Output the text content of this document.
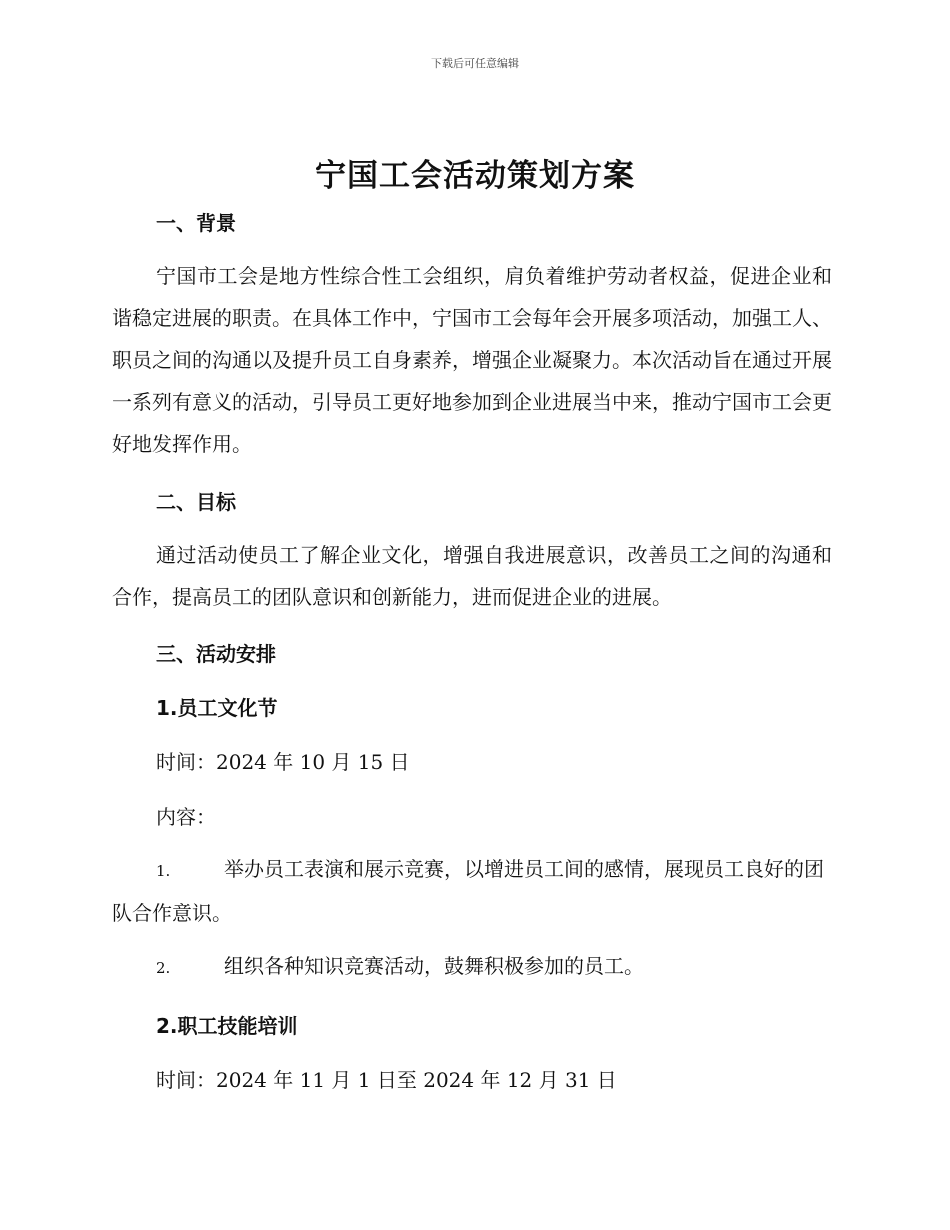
下载后可任意编辑
宁国工会活动策划方案
一、背景
宁国市工会是地方性综合性工会组织，肩负着维护劳动者权益，促进企业和谐稳定进展的职责。在具体工作中，宁国市工会每年会开展多项活动，加强工人、职员之间的沟通以及提升员工自身素养，增强企业凝聚力。本次活动旨在通过开展一系列有意义的活动，引导员工更好地参加到企业进展当中来，推动宁国市工会更好地发挥作用。
二、目标
通过活动使员工了解企业文化，增强自我进展意识，改善员工之间的沟通和合作，提高员工的团队意识和创新能力，进而促进企业的进展。
三、活动安排
1.员工文化节
时间：2024 年 10 月 15 日
内容：
1.	举办员工表演和展示竞赛，以增进员工间的感情，展现员工良好的团队合作意识。
2.	组织各种知识竞赛活动，鼓舞积极参加的员工。
2.职工技能培训
时间：2024 年 11 月 1 日至 2024 年 12 月 31 日
